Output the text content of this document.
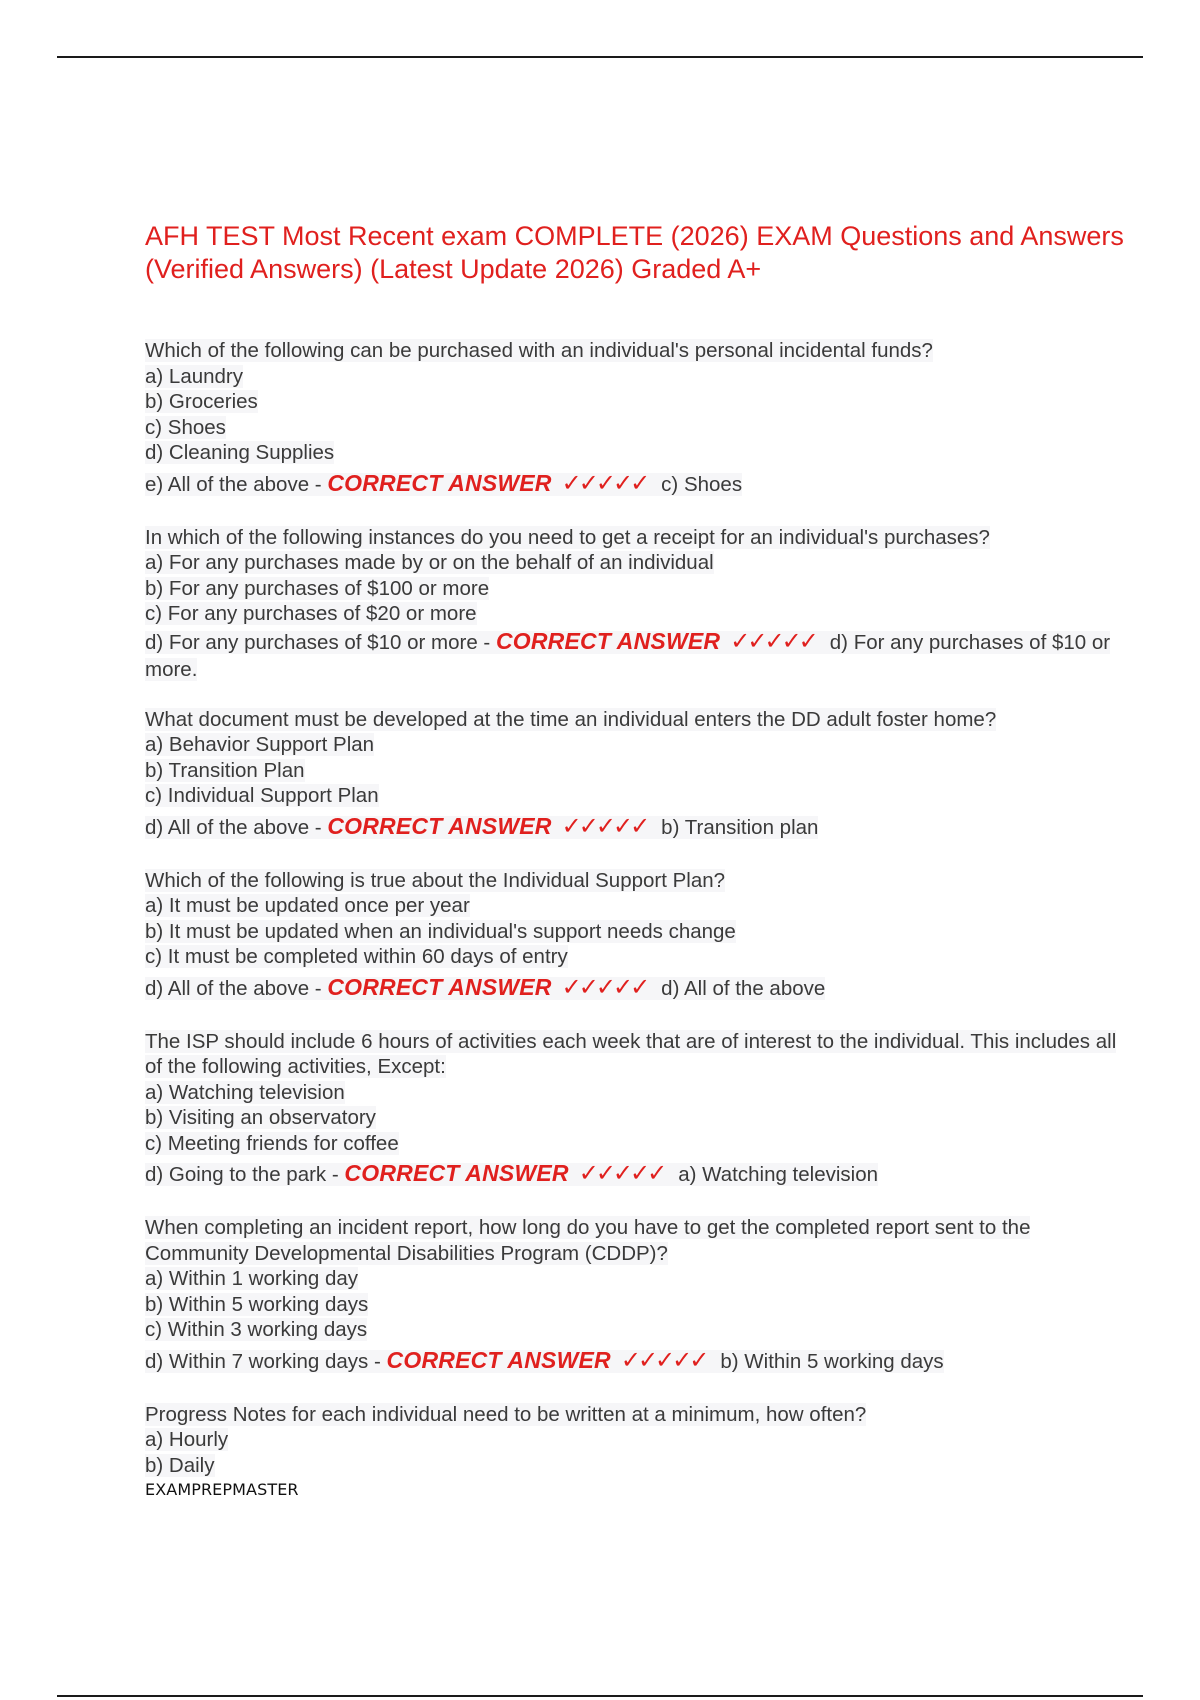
AFH TEST Most Recent exam COMPLETE (2026) EXAM Questions and Answers (Verified Answers) (Latest Update 2026) Graded A+
Which of the following can be purchased with an individual's personal incidental funds?
a) Laundry
b) Groceries
c) Shoes
d) Cleaning Supplies
e) All of the above - CORRECT ANSWER ✓✓✓✓✓ c) Shoes
In which of the following instances do you need to get a receipt for an individual's purchases?
a) For any purchases made by or on the behalf of an individual
b) For any purchases of $100 or more
c) For any purchases of $20 or more
d) For any purchases of $10 or more - CORRECT ANSWER ✓✓✓✓✓ d) For any purchases of $10 or more.
What document must be developed at the time an individual enters the DD adult foster home?
a) Behavior Support Plan
b) Transition Plan
c) Individual Support Plan
d) All of the above - CORRECT ANSWER ✓✓✓✓✓ b) Transition plan
Which of the following is true about the Individual Support Plan?
a) It must be updated once per year
b) It must be updated when an individual's support needs change
c) It must be completed within 60 days of entry
d) All of the above - CORRECT ANSWER ✓✓✓✓✓ d) All of the above
The ISP should include 6 hours of activities each week that are of interest to the individual. This includes all of the following activities, Except:
a) Watching television
b) Visiting an observatory
c) Meeting friends for coffee
d) Going to the park - CORRECT ANSWER ✓✓✓✓✓ a) Watching television
When completing an incident report, how long do you have to get the completed report sent to the Community Developmental Disabilities Program (CDDP)?
a) Within 1 working day
b) Within 5 working days
c) Within 3 working days
d) Within 7 working days - CORRECT ANSWER ✓✓✓✓✓ b) Within 5 working days
Progress Notes for each individual need to be written at a minimum, how often?
a) Hourly
b) Daily
EXAMPREPMASTER
